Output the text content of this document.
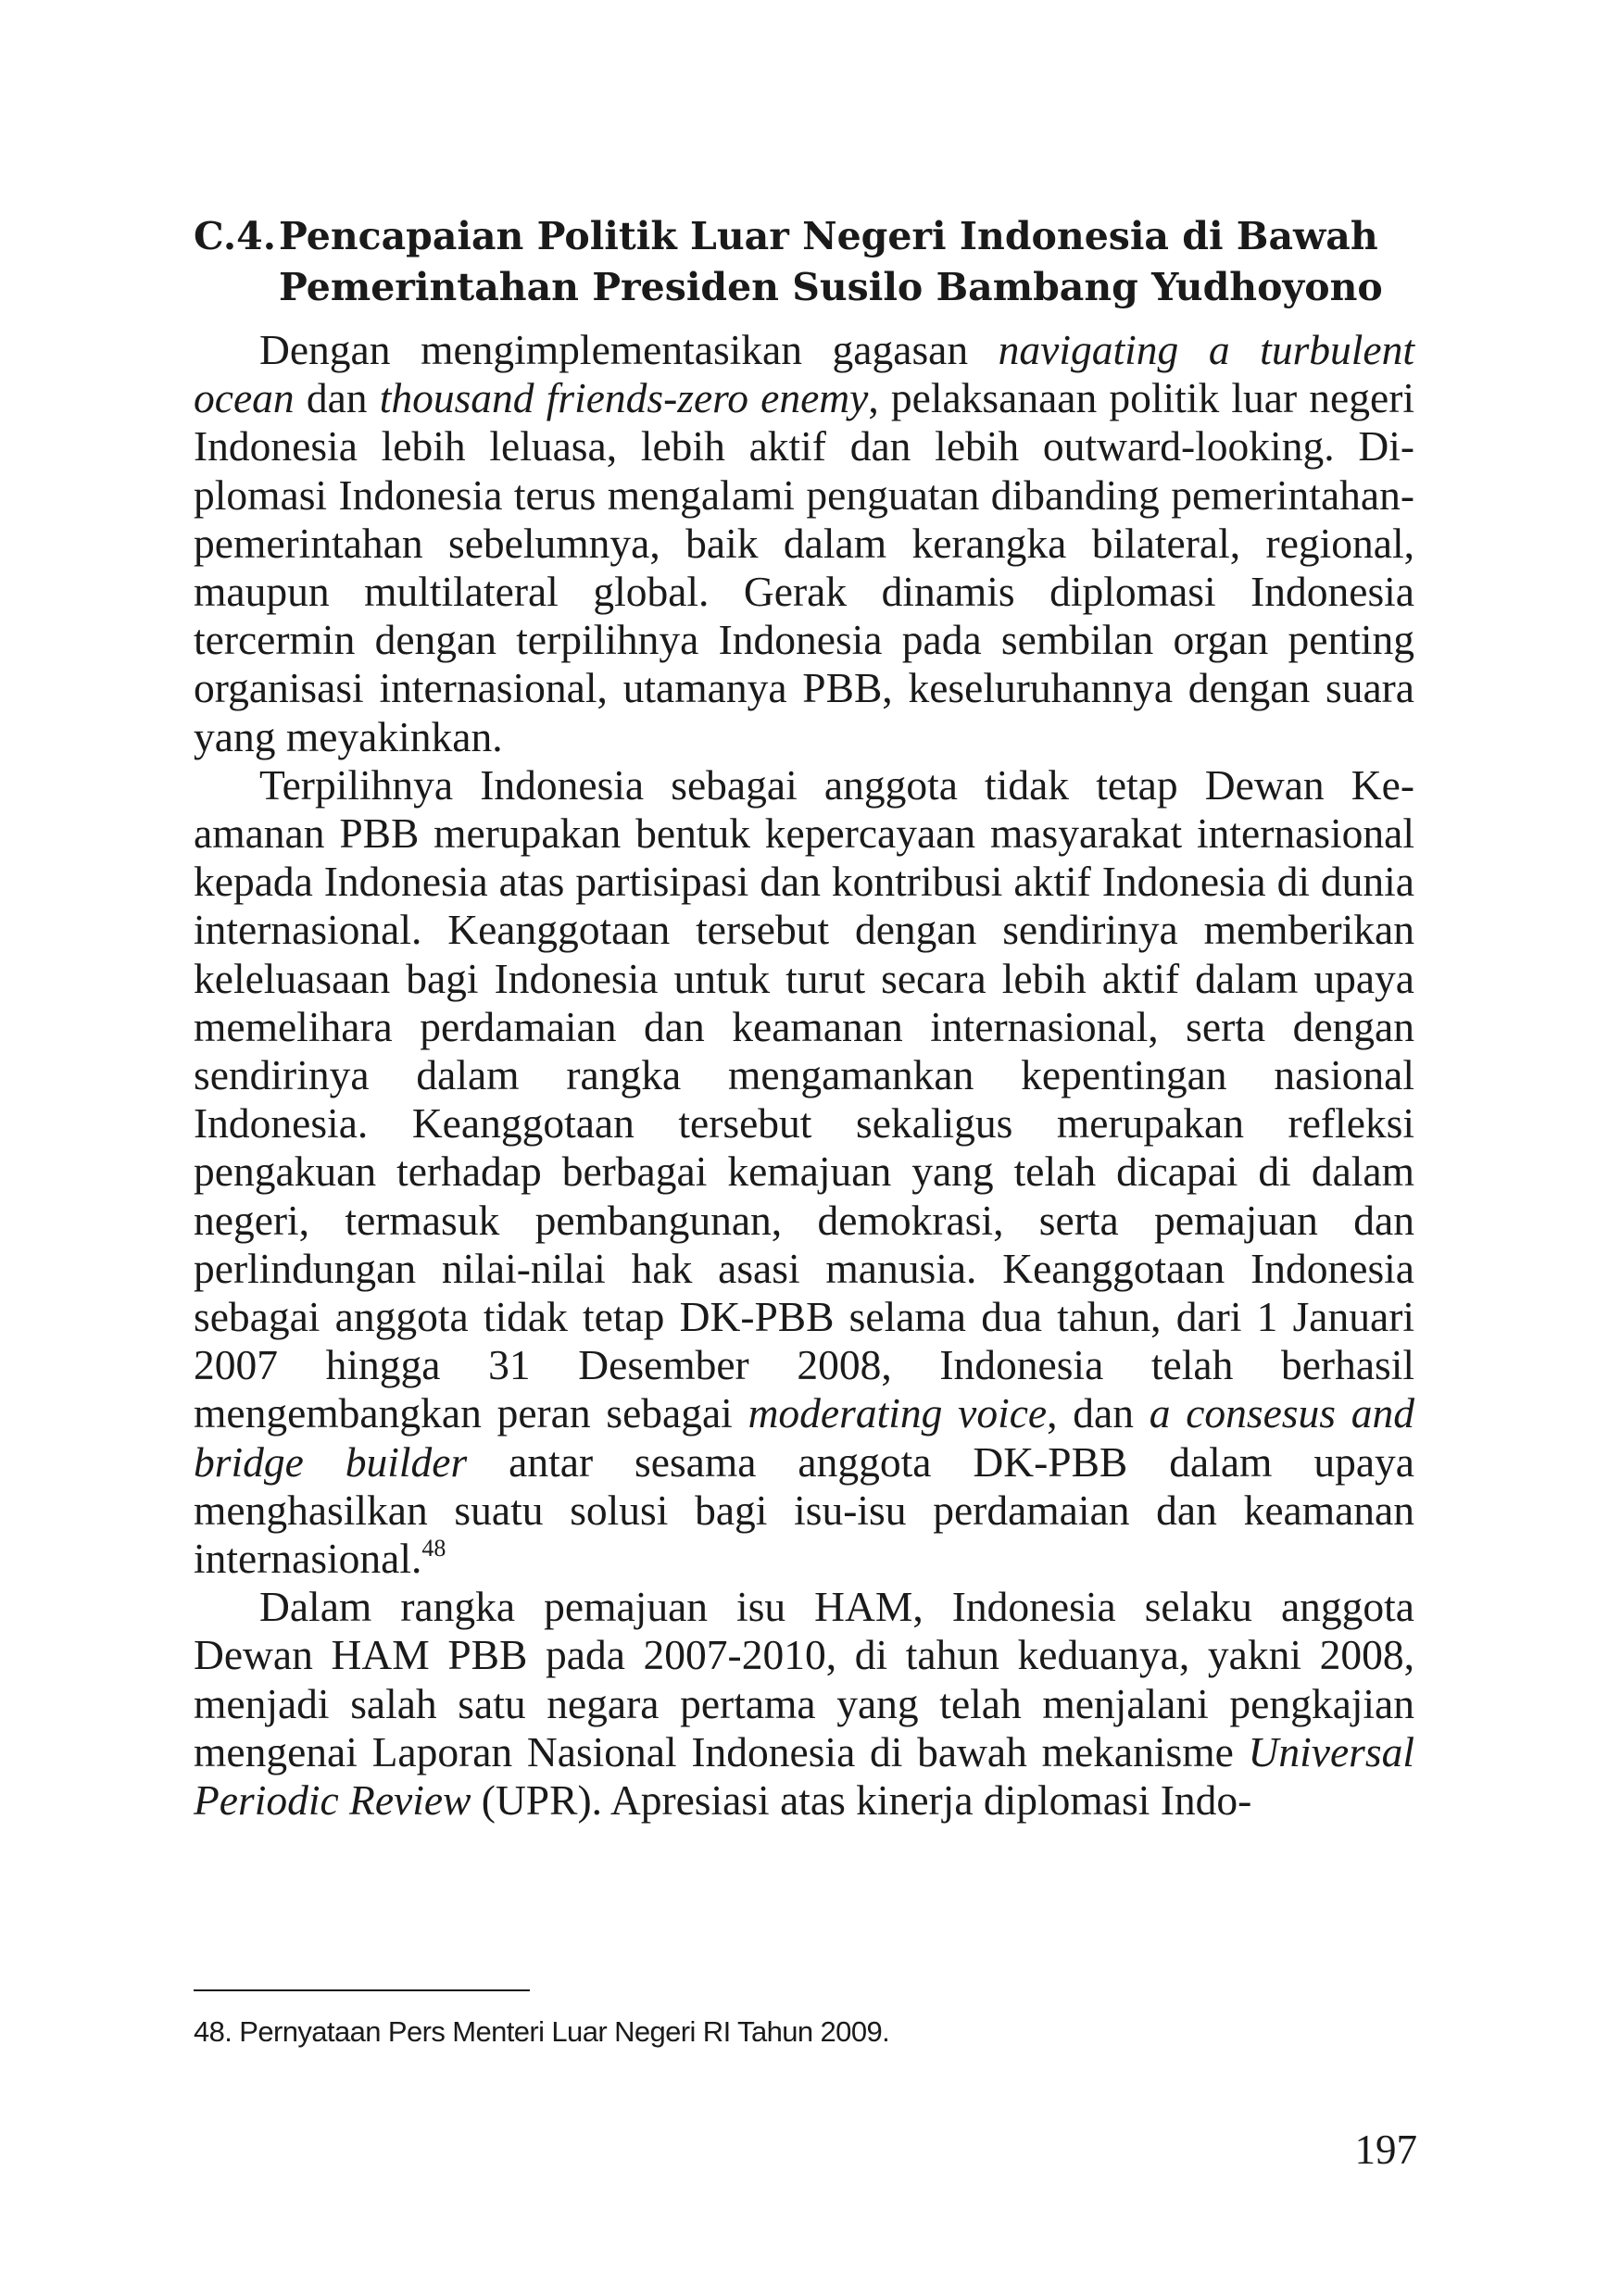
C.4.Pencapaian Politik Luar Negeri Indonesia di Bawah
Pemerintahan Presiden Susilo Bambang Yudhoyono

Dengan mengimplementasikan gagasan navigating a turbulent ocean dan thousand friends-zero enemy, pelaksanaan politik luar negeri Indonesia lebih leluasa, lebih aktif dan lebih outward-looking. Diplomasi Indonesia terus mengalami penguatan dibanding pemerintahan-pemerintahan sebelumnya, baik dalam kerangka bilateral, regional, maupun multilateral global. Gerak dinamis diplomasi Indonesia tercermin dengan terpilihnya Indonesia pada sembilan organ penting organisasi internasional, utamanya PBB, keseluruhannya dengan suara yang meyakinkan.

Terpilihnya Indonesia sebagai anggota tidak tetap Dewan Keamanan PBB merupakan bentuk kepercayaan masyarakat internasional kepada Indonesia atas partisipasi dan kontribusi aktif Indonesia di dunia internasional. Keanggotaan tersebut dengan sendirinya memberikan keleluasaan bagi Indonesia untuk turut secara lebih aktif dalam upaya memelihara perdamaian dan keamanan internasional, serta dengan sendirinya dalam rangka mengamankan kepentingan nasional Indonesia. Keanggotaan tersebut sekaligus merupakan refleksi pengakuan terhadap berbagai kemajuan yang telah dicapai di dalam negeri, termasuk pembangunan, demokrasi, serta pemajuan dan perlindungan nilai-nilai hak asasi manusia. Keanggotaan Indonesia sebagai anggota tidak tetap DK-PBB selama dua tahun, dari 1 Januari 2007 hingga 31 Desember 2008, Indonesia telah berhasil mengembangkan peran sebagai moderating voice, dan a consesus and bridge builder antar sesama anggota DK-PBB dalam upaya menghasilkan suatu solusi bagi isu-isu perdamaian dan keamanan internasional.$^{48}$

Dalam rangka pemajuan isu HAM, Indonesia selaku anggota Dewan HAM PBB pada 2007-2010, di tahun keduanya, yakni 2008, menjadi salah satu negara pertama yang telah menjalani pengkajian mengenai Laporan Nasional Indonesia di bawah mekanisme Universal Periodic Review (UPR). Apresiasi atas kinerja diplomasi Indo-

48. Pernyataan Pers Menteri Luar Negeri RI Tahun 2009.
197
